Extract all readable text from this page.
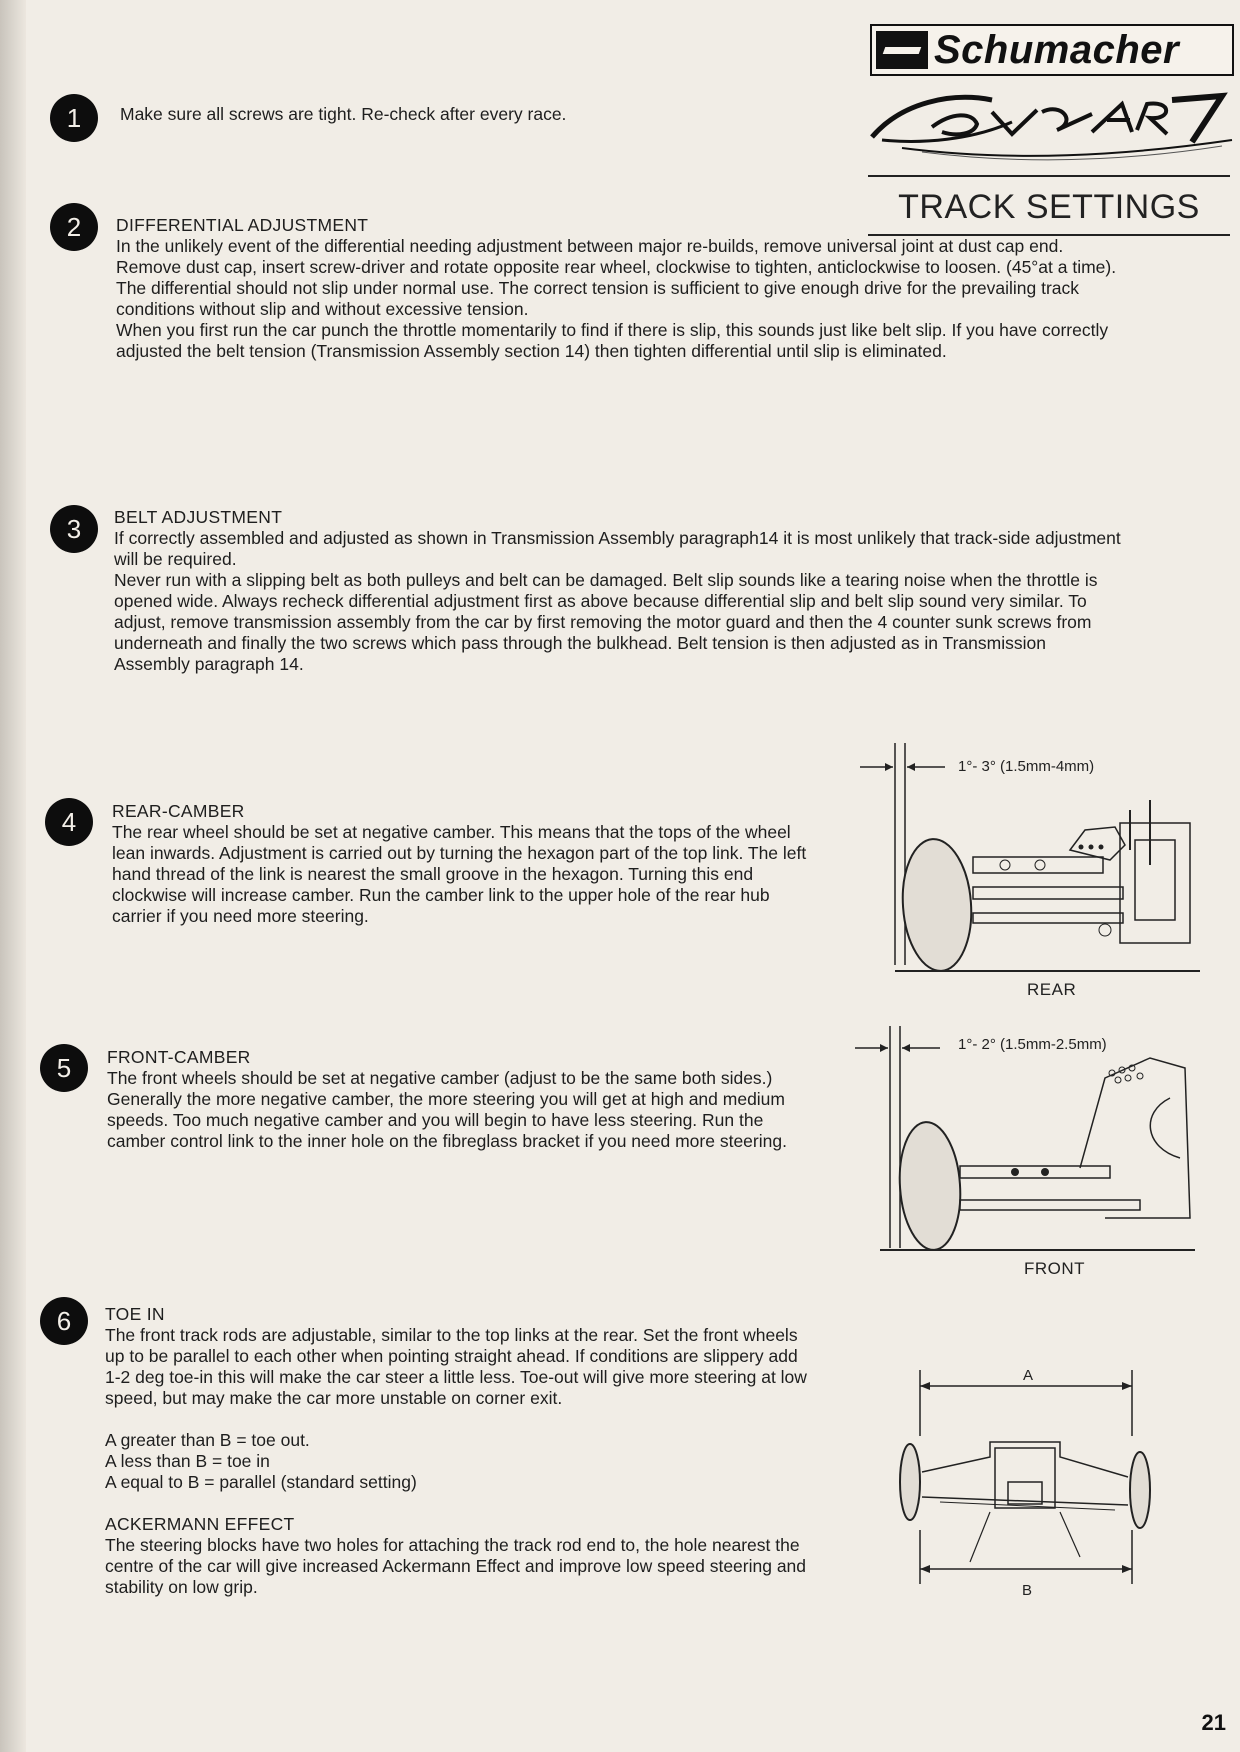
Schumacher
TRACK SETTINGS
1	Make sure all screws are tight. Re-check after every race.

2	DIFFERENTIAL ADJUSTMENT

In the unlikely event of the differential needing adjustment between major re-builds, remove universal joint at dust cap end. Remove dust cap, insert screw-driver and rotate opposite rear wheel, clockwise to tighten, anticlockwise to loosen. (45°at a time). The differential should not slip under normal use. The correct tension is sufficient to give enough drive for the prevailing track conditions without slip and without excessive tension.

When you first run the car punch the throttle momentarily to find if there is slip, this sounds just like belt slip. If you have correctly adjusted the belt tension (Transmission Assembly section 14) then tighten differential until slip is eliminated.

3	BELT ADJUSTMENT

If correctly assembled and adjusted as shown in Transmission Assembly paragraph14 it is most unlikely that track-side adjustment will be required.

Never run with a slipping belt as both pulleys and belt can be damaged. Belt slip sounds like a tearing noise when the throttle is opened wide. Always recheck differential adjustment first as above because differential slip and belt slip sound very similar. To adjust, remove transmission assembly from the car by first removing the motor guard and then the 4 counter sunk screws from underneath and finally the two screws which pass through the bulkhead. Belt tension is then adjusted as in Transmission Assembly paragraph 14.

4	REAR-CAMBER

The rear wheel should be set at negative camber. This means that the tops of the wheel lean inwards. Adjustment is carried out by turning the hexagon part of the top link. The left hand thread of the link is nearest the small groove in the hexagon. Turning this end clockwise will increase camber. Run the camber link to the upper hole of the rear hub carrier if you need more steering.

5	FRONT-CAMBER

The front wheels should be set at negative camber (adjust to be the same both sides.) Generally the more negative camber, the more steering you will get at high and medium speeds. Too much negative camber and you will begin to have less steering. Run the camber control link to the inner hole on the fibreglass bracket if you need more steering.

6	TOE IN

The front track rods are adjustable, similar to the top links at the rear. Set the front wheels up to be parallel to each other when pointing straight ahead. If conditions are slippery add 1-2 deg toe-in this will make the car steer a little less. Toe-out will give more steering at low speed, but may make the car more unstable on corner exit.

A greater than B = toe out.

A less than B = toe in

A equal to B = parallel (standard setting)

ACKERMANN EFFECT

The steering blocks have two holes for attaching the track rod end to, the hole nearest the centre of the car will give increased Ackermann Effect and improve low speed steering and stability on low grip.

1°- 3° (1.5mm-4mm)
REAR
1°- 2° (1.5mm-2.5mm)
FRONT
A
B
21
